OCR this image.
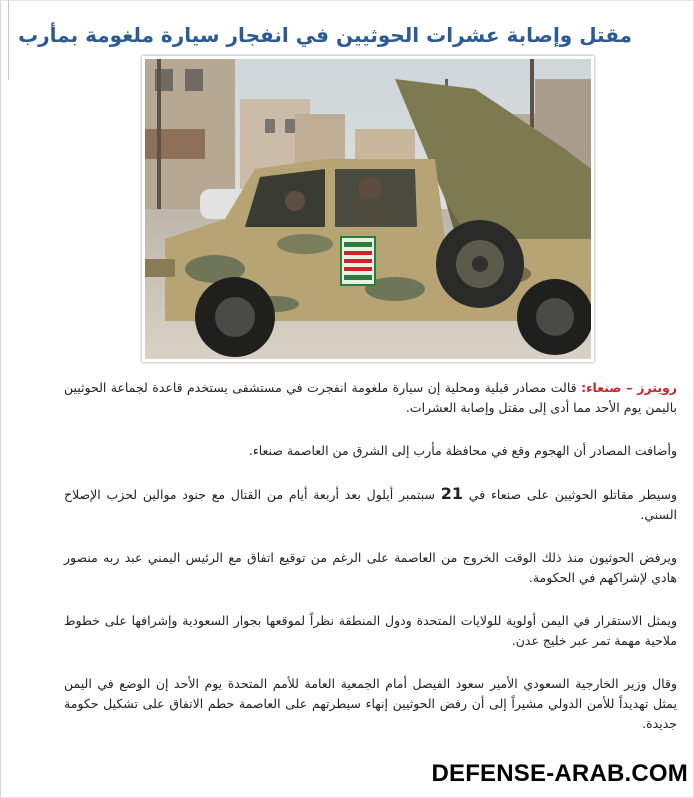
مقتل وإصابة عشرات الحوثيين في انفجار سيارة ملغومة بمأرب

رويترز – صنعاء: قالت مصادر قبلية ومحلية إن سيارة ملغومة انفجرت في مستشفى يستخدم قاعدة لجماعة الحوثيين باليمن يوم الأحد مما أدى إلى مقتل وإصابة العشرات.

وأضافت المصادر أن الهجوم وقع في محافظة مأرب إلى الشرق من العاصمة صنعاء.

وسيطر مقاتلو الحوثيين على صنعاء في 21 سبتمبر أيلول بعد أربعة أيام من القتال مع جنود موالين لحزب الإصلاح السني.

ويرفض الحوثيون منذ ذلك الوقت الخروج من العاصمة على الرغم من توقيع اتفاق مع الرئيس اليمني عبد ربه منصور هادي لإشراكهم في الحكومة.

ويمثل الاستقرار في اليمن أولوية للولايات المتحدة ودول المنطقة نظراً لموقعها بجوار السعودية وإشرافها على خطوط ملاحية مهمة تمر عبر خليج عدن.

وقال وزير الخارجية السعودي الأمير سعود الفيصل أمام الجمعية العامة للأمم المتحدة يوم الأحد إن الوضع في اليمن يمثل تهديداً للأمن الدولي مشيراً إلى أن رفض الحوثيين إنهاء سيطرتهم على العاصمة حطم الاتفاق على تشكيل حكومة جديدة.

DEFENSE-ARAB.COM
